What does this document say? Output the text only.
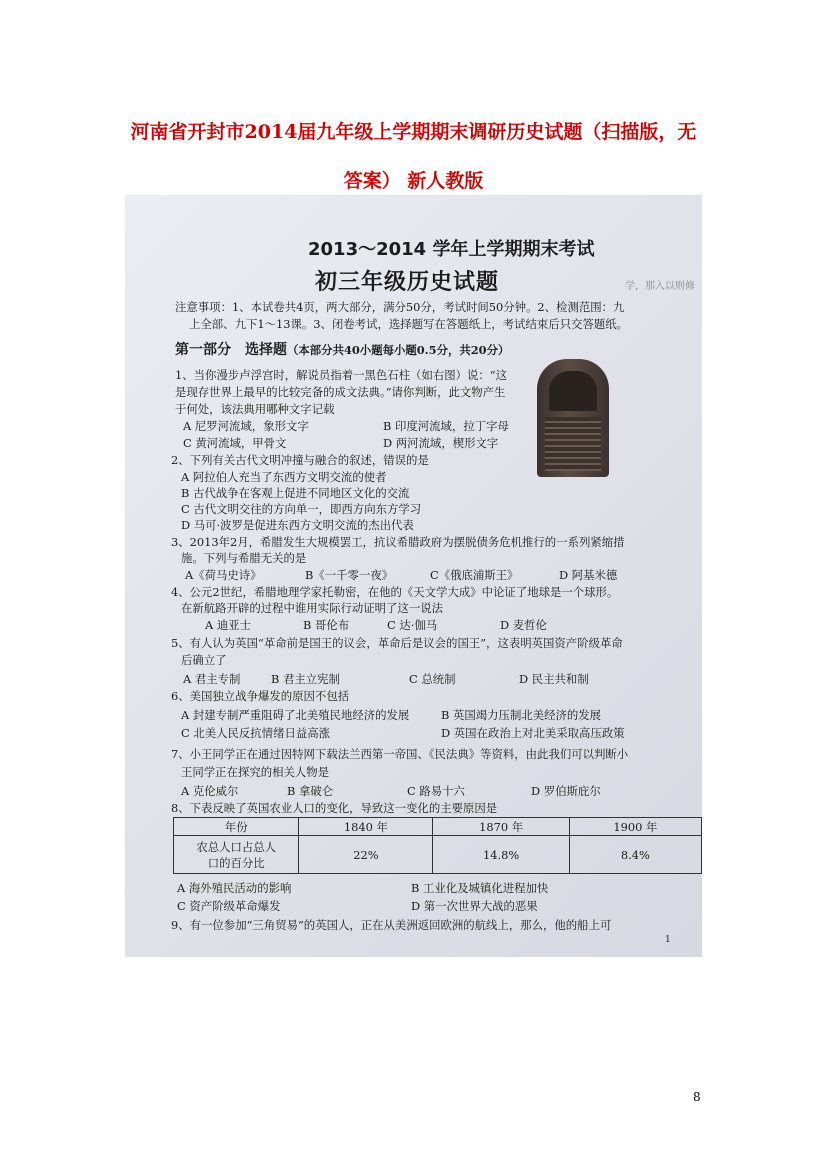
河南省开封市2014届九年级上学期期末调研历史试题（扫描版，无
答案） 新人教版
学，那入以则修
2013～2014 学年上学期期末考试
初三年级历史试题
注意事项：1、本试卷共4页，两大部分，满分50分，考试时间50分钟。2、检测范围：九
上全部、九下1～13课。3、闭卷考试，选择题写在答题纸上，考试结束后只交答题纸。
第一部分　选择题（本部分共40小题每小题0.5分，共20分）
1、当你漫步卢浮宫时，解说员指着一黑色石柱（如右图）说：“这
是现存世界上最早的比较完备的成文法典。”请你判断，此文物产生
于何处，该法典用哪种文字记载
A 尼罗河流域，象形文字	B 印度河流域，拉丁字母
C 黄河流域，甲骨文	D 两河流域，楔形文字
2、下列有关古代文明冲撞与融合的叙述，错误的是
A 阿拉伯人充当了东西方文明交流的使者
B 古代战争在客观上促进不同地区文化的交流
C 古代文明交往的方向单一，即西方向东方学习
D 马可·波罗是促进东西方文明交流的杰出代表
3、2013年2月，希腊发生大规模罢工，抗议希腊政府为摆脱债务危机推行的一系列紧缩措
施。下列与希腊无关的是
A《荷马史诗》	B《一千零一夜》	C《俄底浦斯王》	D 阿基米德
4、公元2世纪，希腊地理学家托勒密，在他的《天文学大成》中论证了地球是一个球形。
在新航路开辟的过程中谁用实际行动证明了这一说法
A 迪亚士	B 哥伦布	C 达·伽马	D 麦哲伦
5、有人认为英国“革命前是国王的议会，革命后是议会的国王”，这表明英国资产阶级革命
后确立了
A 君主专制	B 君主立宪制	C 总统制	D 民主共和制
6、美国独立战争爆发的原因不包括
A 封建专制严重阻碍了北美殖民地经济的发展	B 英国竭力压制北美经济的发展
C 北美人民反抗情绪日益高涨	D 英国在政治上对北美采取高压政策
7、小王同学正在通过因特网下载法兰西第一帝国、《民法典》等资料，由此我们可以判断小
王同学正在探究的相关人物是
A 克伦威尔	B 拿破仑	C 路易十六	D 罗伯斯庇尔
8、下表反映了英国农业人口的变化，导致这一变化的主要原因是
年份	1840 年	1870 年	1900 年

农总人口占总人
口的百分比	22%	14.8%	8.4%
A 海外殖民活动的影响	B 工业化及城镇化进程加快
C 资产阶级革命爆发	D 第一次世界大战的恶果
9、有一位参加“三角贸易”的英国人，正在从美洲返回欧洲的航线上，那么，他的船上可
1
8
